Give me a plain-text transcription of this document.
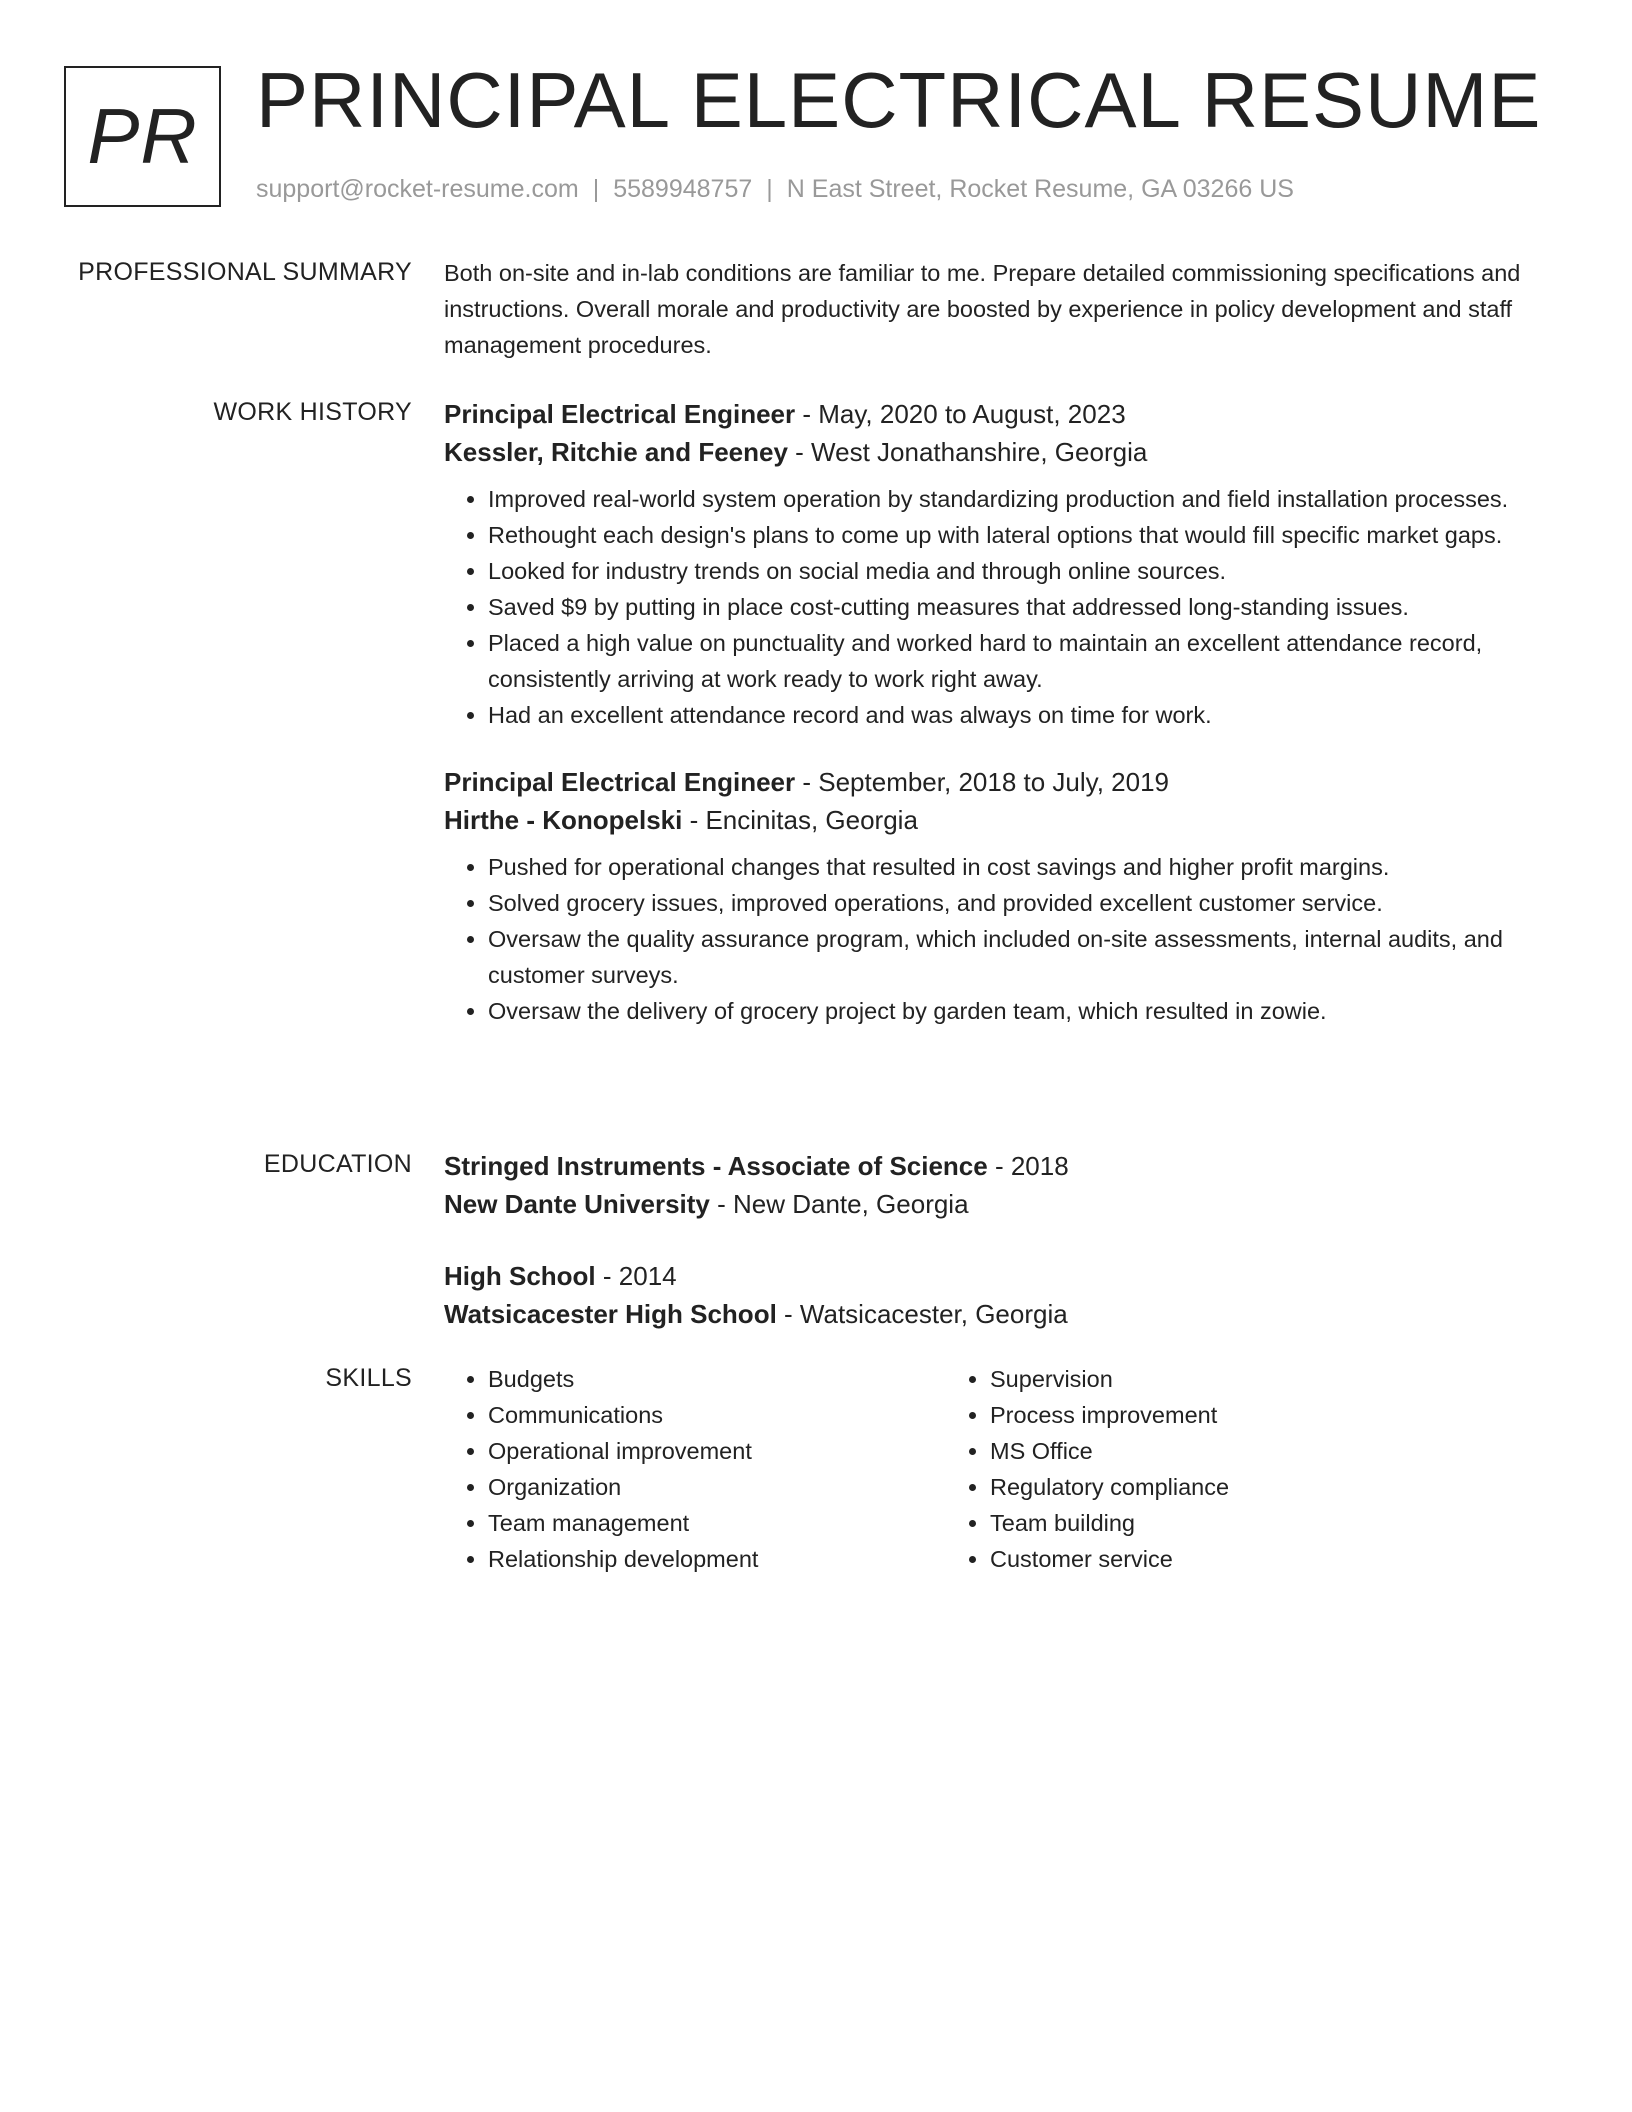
PR PRINCIPAL ELECTRICAL RESUME
support@rocket-resume.com | 5589948757 | N East Street, Rocket Resume, GA 03266 US
PROFESSIONAL SUMMARY Both on-site and in-lab conditions are familiar to me. Prepare detailed commissioning specifications and instructions. Overall morale and productivity are boosted by experience in policy development and staff management procedures.

WORK HISTORY Principal Electrical Engineer - May, 2020 to August, 2023
Kessler, Ritchie and Feeney - West Jonathanshire, Georgia
• Improved real-world system operation by standardizing production and field installation processes.
• Rethought each design's plans to come up with lateral options that would fill specific market gaps.
• Looked for industry trends on social media and through online sources.
• Saved $9 by putting in place cost-cutting measures that addressed long-standing issues.
• Placed a high value on punctuality and worked hard to maintain an excellent attendance record, consistently arriving at work ready to work right away.
• Had an excellent attendance record and was always on time for work.
Principal Electrical Engineer - September, 2018 to July, 2019
Hirthe - Konopelski - Encinitas, Georgia
• Pushed for operational changes that resulted in cost savings and higher profit margins.
• Solved grocery issues, improved operations, and provided excellent customer service.
• Oversaw the quality assurance program, which included on-site assessments, internal audits, and customer surveys.
• Oversaw the delivery of grocery project by garden team, which resulted in zowie.
EDUCATION Stringed Instruments - Associate of Science - 2018
New Dante University - New Dante, Georgia
High School - 2014
Watsicacester High School - Watsicacester, Georgia
SKILLS
•	Budgets
• Communications
• Operational improvement
• Organization
• Team management
• Relationship development
• Supervision
• Process improvement
• MS Office
• Regulatory compliance
• Team building
• Customer service
